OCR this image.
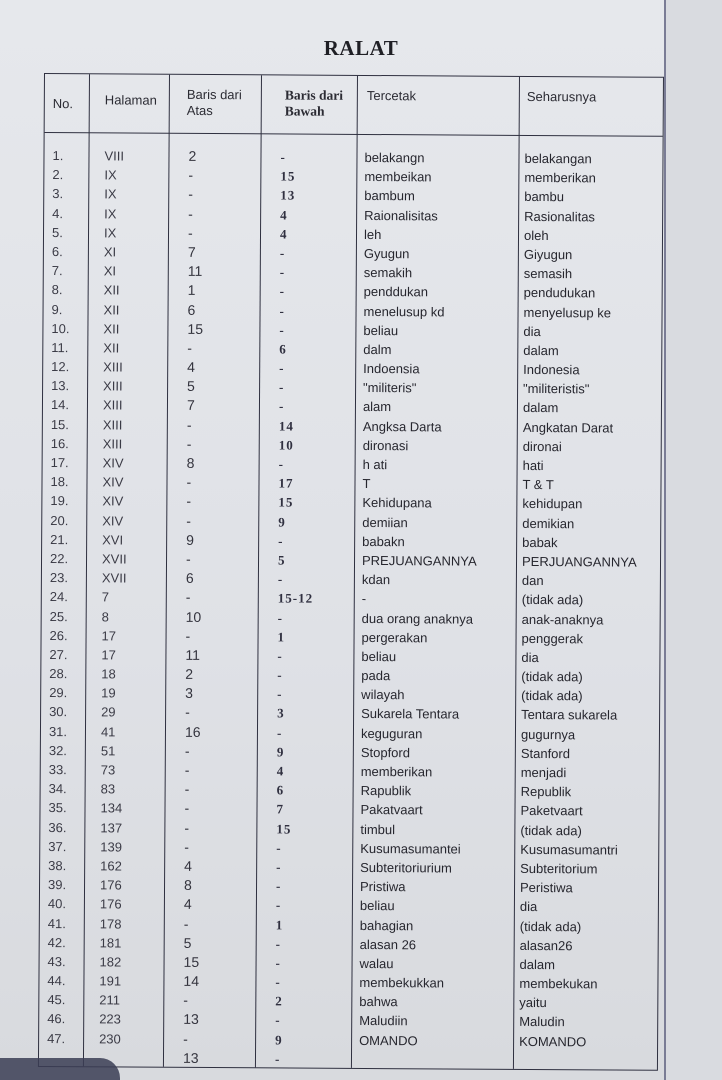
RALAT
No. Halaman Baris dari
Atas
Baris dari
Bawah
Tercetak	Seharusnya
1.
2.
3.
4.
5.
6.
7.
8.
9.
10.
11.
12.
13.
14.
15.
16.
17.
18.
19.
20.
21.
22.
23.
24.
25.
26.
27.
28.
29.
30.
31.
32.
33.
34.
35.
36.
37.
38.
39.
40.
41.
42.
43.
44.
45.
46.
47.
VIII
IX
IX
IX
IX
XI
XI
XII
XII
XII
XII
XIII
XIII
XIII
XIII
XIII
XIV
XIV
XIV
XIV
XVI
XVII
XVII
7
8
17
17
18
19
29
41
51
73
83
134
137
139
162
176
176
178
181
182
191
211
223
230
2
-
-
-
-
7
11
1
6
15
-
4
5
7
-
-
8
-
-
-
9
-
6
-
10
-
11
2
3
-
16
-
-
-
-
-
-
4
8
4
-
5
15
14
-
13
-
13
-
15
13
4
4
-
-
-
-
-
6
-
-
-
14
10
-
17
15
9
-
5
-
15-12
-
1
-
-
-
3
-
9
4
6
7
15
-
-
-
-
1
-
-
-
2
-
9
-
belakangn
membeikan
bambum
Raionalisitas
leh
Gyugun
semakih
penddukan
menelusup kd
beliau
dalm
Indoensia
"militeris"
alam
Angksa Darta
dironasi
h ati
T
Kehidupana
demiian
babakn
PREJUANGANNYA
kdan
-
dua orang anaknya
pergerakan
beliau
pada
wilayah
Sukarela Tentara
keguguran
Stopford
memberikan
Rapublik
Pakatvaart
timbul
Kusumasumantei
Subteritoriurium
Pristiwa
beliau
bahagian
alasan 26
walau
membekukkan
bahwa
Maludiin
OMANDO
belakangan
memberikan
bambu
Rasionalitas
oleh
Giyugun
semasih
pendudukan
menyelusup ke
dia
dalam
Indonesia
"militeristis"
dalam
Angkatan Darat
dironai
hati
T & T
kehidupan
demikian
babak
PERJUANGANNYA
dan
(tidak ada)
anak-anaknya
penggerak
dia
(tidak ada)
(tidak ada)
Tentara sukarela
gugurnya
Stanford
menjadi
Republik
Paketvaart
(tidak ada)
Kusumasumantri
Subteritorium
Peristiwa
dia
(tidak ada)
alasan26
dalam
membekukan
yaitu
Maludin
KOMANDO
